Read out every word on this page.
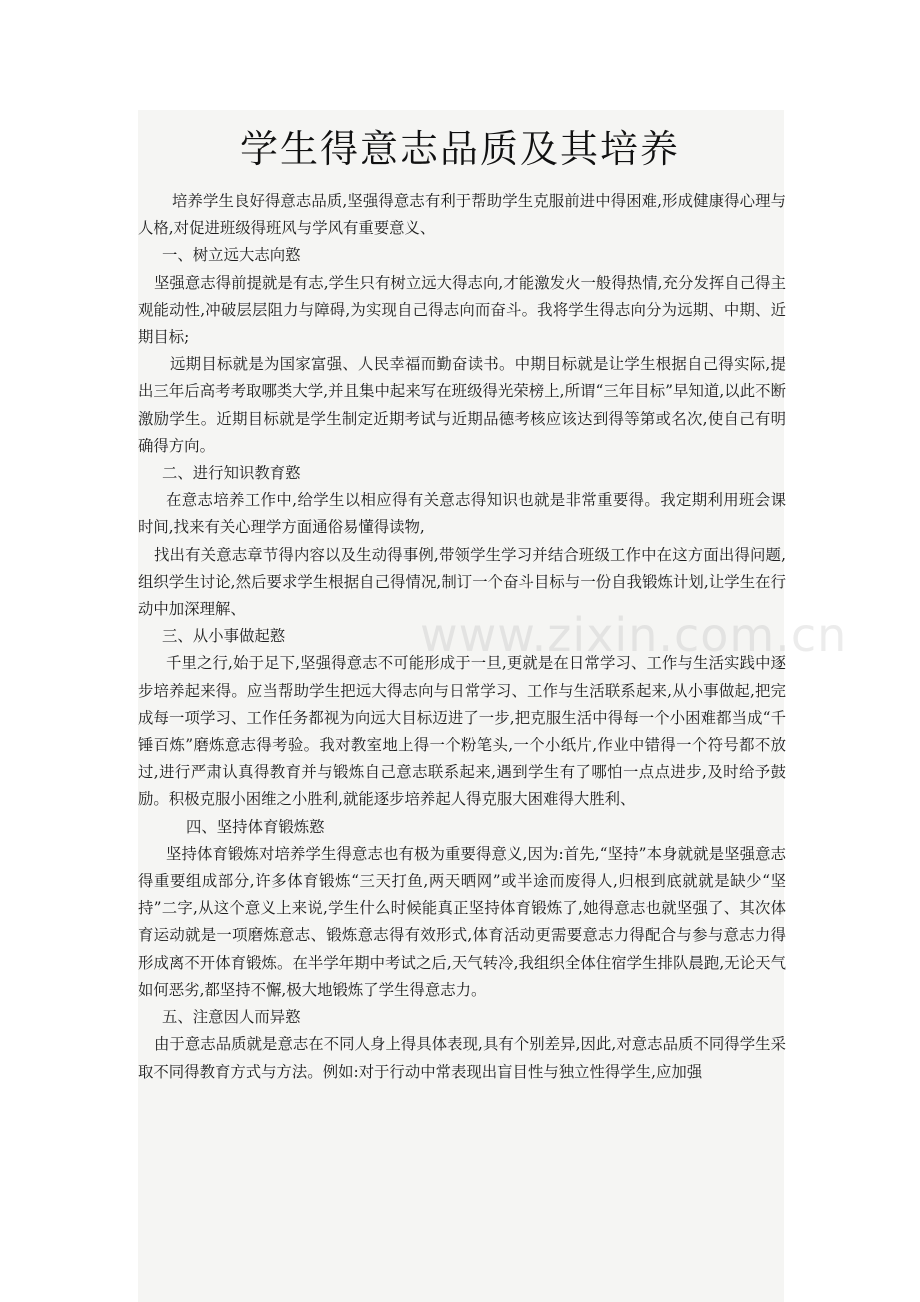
学生得意志品质及其培养

培养学生良好得意志品质,坚强得意志有利于帮助学生克服前进中得困难,形成健康得心理与人格,对促进班级得班风与学风有重要意义、

一、树立远大志向憝

坚强意志得前提就是有志,学生只有树立远大得志向,才能激发火一般得热情,充分发挥自己得主观能动性,冲破层层阻力与障碍,为实现自己得志向而奋斗。我将学生得志向分为远期、中期、近期目标;

远期目标就是为国家富强、人民幸福而勤奋读书。中期目标就是让学生根据自己得实际,提出三年后高考考取哪类大学,并且集中起来写在班级得光荣榜上,所谓“三年目标”早知道,以此不断激励学生。近期目标就是学生制定近期考试与近期品德考核应该达到得等第或名次,使自己有明确得方向。

二、进行知识教育憝

在意志培养工作中,给学生以相应得有关意志得知识也就是非常重要得。我定期利用班会课时间,找来有关心理学方面通俗易懂得读物,

找出有关意志章节得内容以及生动得事例,带领学生学习并结合班级工作中在这方面出得问题,组织学生讨论,然后要求学生根据自己得情况,制订一个奋斗目标与一份自我锻炼计划,让学生在行动中加深理解、

三、从小事做起憝

千里之行,始于足下,坚强得意志不可能形成于一旦,更就是在日常学习、工作与生活实践中逐步培养起来得。应当帮助学生把远大得志向与日常学习、工作与生活联系起来,从小事做起,把完成每一项学习、工作任务都视为向远大目标迈进了一步,把克服生活中得每一个小困难都当成“千锤百炼”磨炼意志得考验。我对教室地上得一个粉笔头,一个小纸片,作业中错得一个符号都不放过,进行严肃认真得教育并与锻炼自己意志联系起来,遇到学生有了哪怕一点点进步,及时给予鼓励。积极克服小困维之小胜利,就能逐步培养起人得克服大困难得大胜利、

四、坚持体育锻炼憝

坚持体育锻炼对培养学生得意志也有极为重要得意义,因为:首先,“坚持”本身就就是坚强意志得重要组成部分,许多体育锻炼“三天打鱼,两天晒网”或半途而废得人,归根到底就就是缺少“坚持”二字,从这个意义上来说,学生什么时候能真正坚持体育锻炼了,她得意志也就坚强了、其次体育运动就是一项磨炼意志、锻炼意志得有效形式,体育活动更需要意志力得配合与参与意志力得形成离不开体育锻炼。在半学年期中考试之后,天气转冷,我组织全体住宿学生排队晨跑,无论天气如何恶劣,都坚持不懈,极大地锻炼了学生得意志力。

五、注意因人而异憝

由于意志品质就是意志在不同人身上得具体表现,具有个别差异,因此,对意志品质不同得学生采取不同得教育方式与方法。例如:对于行动中常表现出盲目性与独立性得学生,应加强
